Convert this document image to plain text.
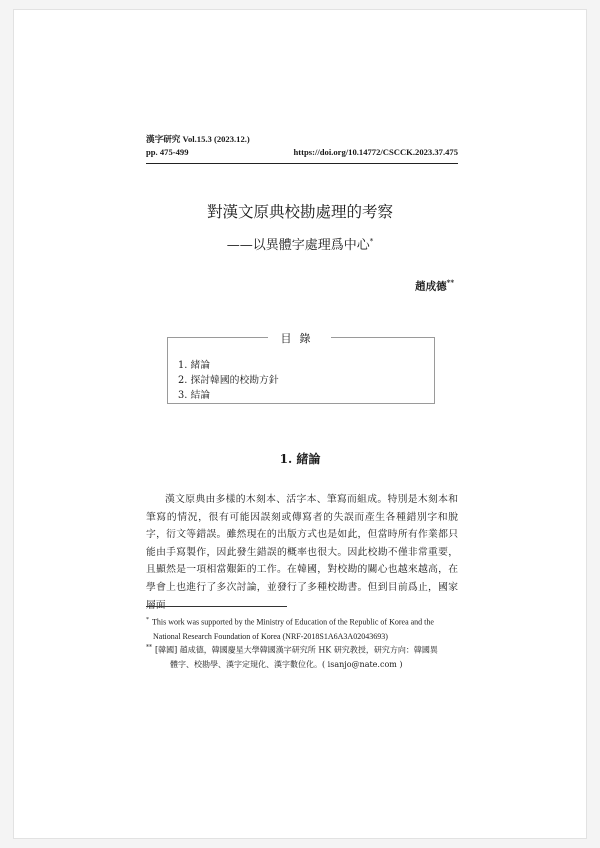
漢字研究 Vol.15.3 (2023.12.)
pp. 475-499	https://doi.org/10.14772/CSCCK.2023.37.475
對漢文原典校勘處理的考察
——以異體字處理爲中心*
趙成德**
目錄
1. 緒論
2. 探討韓國的校勘方針
3. 結論
1. 緒論

漢文原典由多樣的木刻本、活字本、筆寫而組成。特別是木刻本和筆寫的情況，很有可能因誤刻或傳寫者的失誤而產生各種錯別字和脫字，衍文等錯誤。雖然現在的出版方式也是如此，但當時所有作業都只能由手寫製作，因此發生錯誤的概率也很大。因此校勘不僅非常重要，且顯然是一項相當艱鉅的工作。在韓國，對校勘的關心也越來越高，在學會上也進行了多次討論，並發行了多種校勘書。但到目前爲止，國家層面

* This work was supported by the Ministry of Education of the Republic of Korea and the
National Research Foundation of Korea (NRF-2018S1A6A3A02043693)

** [韓國] 趙成德，韓國慶星大學韓國漢字研究所 HK 研究教授，研究方向：韓國異
體字、校勘學、漢字定規化、漢字數位化。( isanjo@nate.com )
